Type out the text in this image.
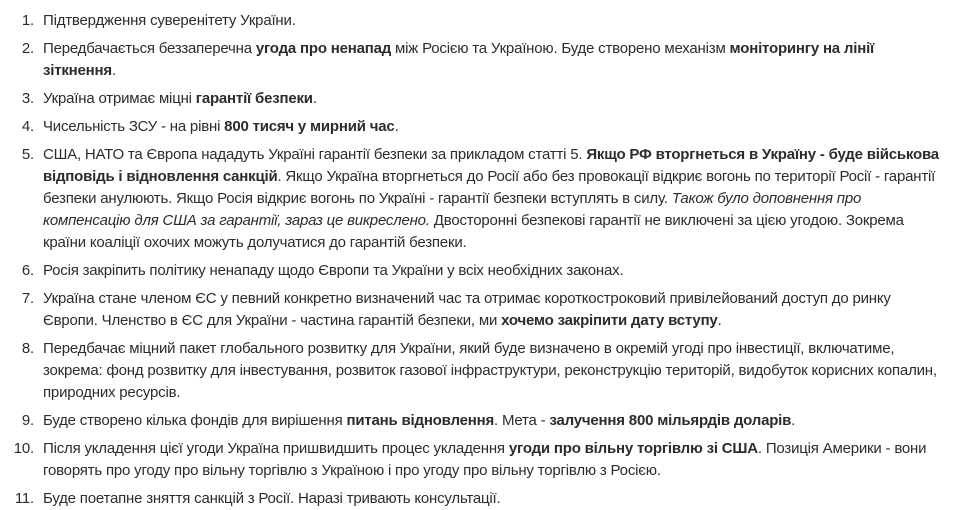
1. Підтвердження суверенітету України.
2. Передбачається беззаперечна угода про ненапад між Росією та Україною. Буде створено механізм моніторингу на лінії зіткнення.
3. Україна отримає міцні гарантії безпеки.
4. Чисельність ЗСУ - на рівні 800 тисяч у мирний час.
5. США, НАТО та Європа нададуть Україні гарантії безпеки за прикладом статті 5. Якщо РФ вторгнеться в Україну - буде військова відповідь і відновлення санкцій. Якщо Україна вторгнеться до Росії або без провокації відкриє вогонь по території Росії - гарантії безпеки анулюють. Якщо Росія відкриє вогонь по Україні - гарантії безпеки вступлять в силу. Також було доповнення про компенсацію для США за гарантії, зараз це викреслено. Двосторонні безпекові гарантії не виключені за цією угодою. Зокрема країни коаліції охочих можуть долучатися до гарантій безпеки.
6. Росія закріпить політику ненападу щодо Європи та України у всіх необхідних законах.
7. Україна стане членом ЄС у певний конкретно визначений час та отримає короткостроковий привілейований доступ до ринку Європи. Членство в ЄС для України - частина гарантій безпеки, ми хочемо закріпити дату вступу.
8. Передбачає міцний пакет глобального розвитку для України, який буде визначено в окремій угоді про інвестиції, включатиме, зокрема: фонд розвитку для інвестування, розвиток газової інфраструктури, реконструкцію територій, видобуток корисних копалин, природних ресурсів.
9. Буде створено кілька фондів для вирішення питань відновлення. Мета - залучення 800 мільярдів доларів.
10. Після укладення цієї угоди Україна пришвидшить процес укладення угоди про вільну торгівлю зі США. Позиція Америки - вони говорять про угоду про вільну торгівлю з Україною і про угоду про вільну торгівлю з Росією.
11. Буде поетапне зняття санкцій з Росії. Наразі тривають консультації.
